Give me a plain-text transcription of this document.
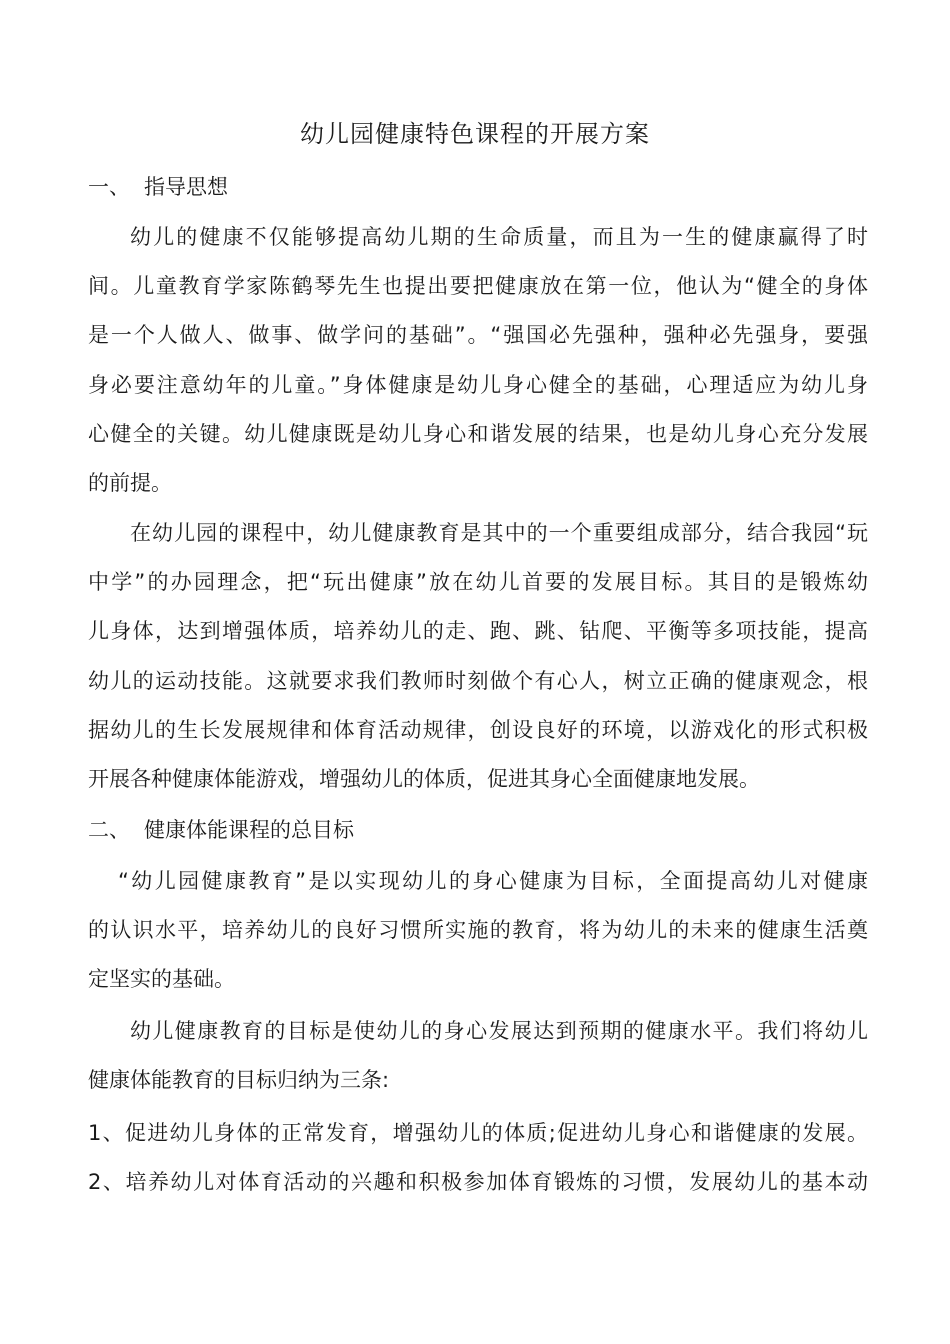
幼儿园健康特色课程的开展方案
一、 指导思想
幼儿的健康不仅能够提高幼儿期的生命质量，而且为一生的健康赢得了时
间。儿童教育学家陈鹤琴先生也提出要把健康放在第一位，他认为“健全的身体
是一个人做人、做事、做学问的基础”。“强国必先强种，强种必先强身，要强
身必要注意幼年的儿童。”身体健康是幼儿身心健全的基础，心理适应为幼儿身
心健全的关键。幼儿健康既是幼儿身心和谐发展的结果，也是幼儿身心充分发展
的前提。
在幼儿园的课程中，幼儿健康教育是其中的一个重要组成部分，结合我园“玩
中学”的办园理念，把“玩出健康”放在幼儿首要的发展目标。其目的是锻炼幼
儿身体，达到增强体质，培养幼儿的走、跑、跳、钻爬、平衡等多项技能，提高
幼儿的运动技能。这就要求我们教师时刻做个有心人，树立正确的健康观念，根
据幼儿的生长发展规律和体育活动规律，创设良好的环境，以游戏化的形式积极
开展各种健康体能游戏，增强幼儿的体质，促进其身心全面健康地发展。
二、 健康体能课程的总目标
“幼儿园健康教育”是以实现幼儿的身心健康为目标，全面提高幼儿对健康
的认识水平，培养幼儿的良好习惯所实施的教育，将为幼儿的未来的健康生活奠
定坚实的基础。
幼儿健康教育的目标是使幼儿的身心发展达到预期的健康水平。我们将幼儿
健康体能教育的目标归纳为三条:
1、促进幼儿身体的正常发育，增强幼儿的体质;促进幼儿身心和谐健康的发展。
2、培养幼儿对体育活动的兴趣和积极参加体育锻炼的习惯，发展幼儿的基本动
